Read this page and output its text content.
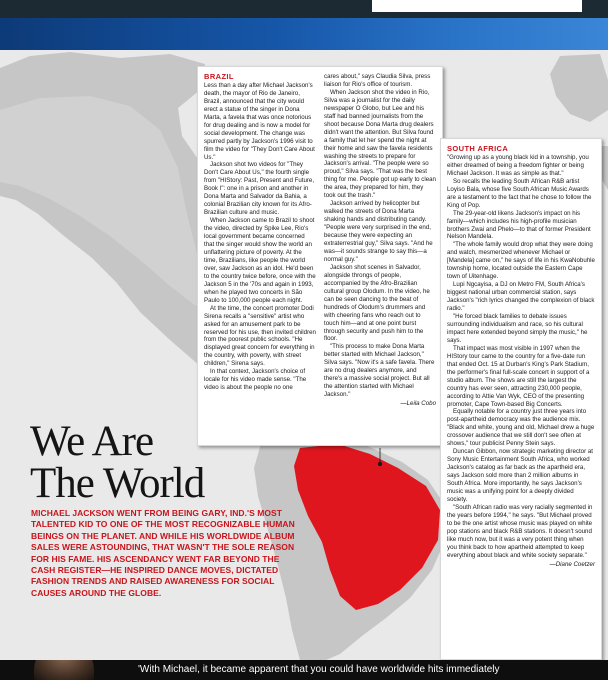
BRAZIL

Less than a day after Michael Jackson's death, the mayor of Rio de Janeiro, Brazil, announced that the city would erect a statue of the singer in Dona Marta, a favela that was once notorious for drug dealing and is now a model for social development. The change was spurred partly by Jackson's 1996 visit to film the video for "They Don't Care About Us."

Jackson shot two videos for "They Don't Care About Us," the fourth single from "HIStory: Past, Present and Future, Book I": one in a prison and another in Dona Marta and Salvador da Bahia, a colonial Brazilian city known for its Afro-Brazilian culture and music.

When Jackson came to Brazil to shoot the video, directed by Spike Lee, Rio's local government became concerned that the singer would show the world an unflattering picture of poverty. At the time, Brazilians, like people the world over, saw Jackson as an idol. He'd been to the country twice before, once with the Jackson 5 in the '70s and again in 1993, when he played two concerts in São Paulo to 100,000 people each night.

At the time, the concert promoter Dodi Sirena recalls a "sensitive" artist who asked for an amusement park to be reserved for his use, then invited children from the poorest public schools. "He displayed great concern for everything in the country, with poverty, with street children," Sirena says.

In that context, Jackson's choice of locale for his video made sense. "The video is about the people no one

cares about," says Claudia Silva, press liaison for Rio's office of tourism.

When Jackson shot the video in Rio, Silva was a journalist for the daily newspaper O Globo, but Lee and his staff had banned journalists from the shoot because Dona Marta drug dealers didn't want the attention. But Silva found a family that let her spend the night at their home and saw the favela residents washing the streets to prepare for Jackson's arrival. "The people were so proud," Silva says. "That was the best thing for me. People got up early to clean the area, they prepared for him, they took out the trash."

Jackson arrived by helicopter but walked the streets of Dona Marta shaking hands and distributing candy. "People were very surprised in the end, because they were expecting an extraterrestrial guy," Silva says. "And he was—it sounds strange to say this—a normal guy."

Jackson shot scenes in Salvador, alongside throngs of people, accompanied by the Afro-Brazilian cultural group Olodum. In the video, he can be seen dancing to the beat of hundreds of Olodum's drummers and with cheering fans who reach out to touch him—and at one point burst through security and push him to the floor.

"This process to make Dona Marta better started with Michael Jackson," Silva says. "Now it's a safe favela. There are no drug dealers anymore, and there's a massive social project. But all the attention started with Michael Jackson."

—Leila Cobo
SOUTH AFRICA

"Growing up as a young black kid in a township, you either dreamed of being a freedom fighter or being Michael Jackson. It was as simple as that."

So recalls the leading South African R&B artist Loyiso Bala, whose five South African Music Awards are a testament to the fact that he chose to follow the King of Pop.

The 29-year-old likens Jackson's impact on his family—which includes his high-profile musician brothers Zwai and Phelo—to that of former President Nelson Mandela.

"The whole family would drop what they were doing and watch, mesmerized whenever Michael or [Mandela] came on," he says of life in his KwaNobuhle township home, located outside the Eastern Cape town of Uitenhage.

Lupi Ngcayisa, a DJ on Metro FM, South Africa's biggest national urban commercial station, says Jackson's "rich lyrics changed the complexion of black radio."

"He forced black families to debate issues surrounding individualism and race, so his cultural impact here extended beyond simply the music," he says.

That impact was most visible in 1997 when the HIStory tour came to the country for a five-date run that ended Oct. 15 at Durban's King's Park Stadium, the performer's final full-scale concert in support of a studio album. The shows are still the largest the country has ever seen, attracting 230,000 people, according to Attie Van Wyk, CEO of the presenting promoter, Cape Town-based Big Concerts.

Equally notable for a country just three years into post-apartheid democracy was the audience mix. "Black and white, young and old, Michael drew a huge crossover audience that we still don't see often at shows," tour publicist Penny Stein says.

Duncan Gibbon, now strategic marketing director at Sony Music Entertainment South Africa, who worked Jackson's catalog as far back as the apartheid era, says Jackson sold more than 2 million albums in South Africa. More importantly, he says Jackson's music was a unifying point for a deeply divided society.

"South African radio was very racially segmented in the years before 1994," he says. "But Michael proved to be the one artist whose music was played on white pop stations and black R&B stations. It doesn't sound like much now, but it was a very potent thing when you think back to how apartheid attempted to keep everything about black and white society separate."

—Diane Coetzer
We Are
The World

MICHAEL JACKSON WENT FROM BEING GARY, IND.'S MOST TALENTED KID TO ONE OF THE MOST RECOGNIZABLE HUMAN BEINGS ON THE PLANET. AND WHILE HIS WORLDWIDE ALBUM SALES WERE ASTOUNDING, THAT WASN'T THE SOLE REASON FOR HIS FAME. HIS ASCENDANCY WENT FAR BEYOND THE CASH REGISTER—HE INSPIRED DANCE MOVES, DICTATED FASHION TRENDS AND RAISED AWARENESS FOR SOCIAL CAUSES AROUND THE GLOBE.

'With Michael, it became apparent that you could have worldwide hits immediately
